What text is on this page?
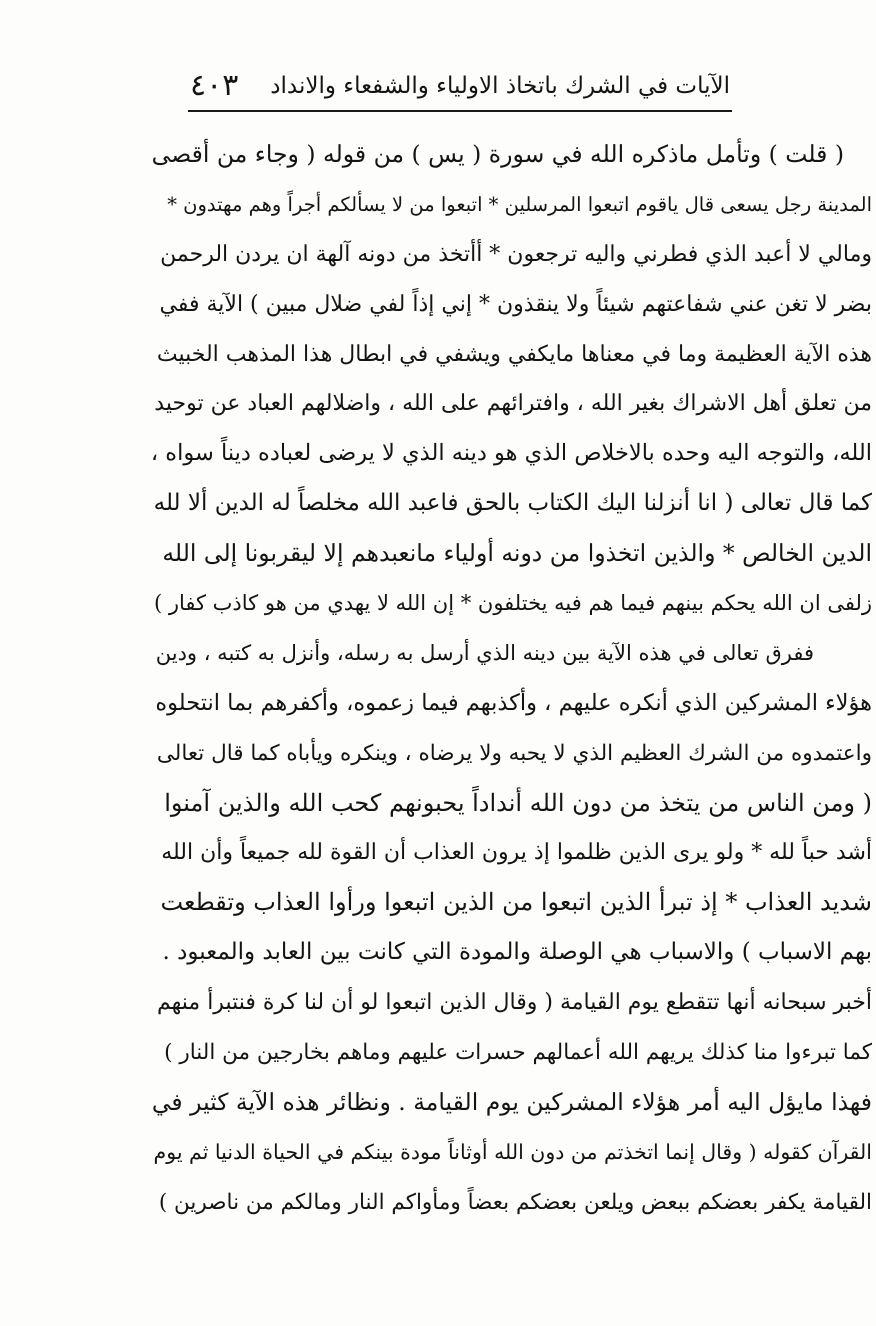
الآيات في الشرك باتخاذ الاولياء والشفعاء والانداد
٤٠٣
( قلت ) وتأمل ماذكره الله في سورة ( يس ) من قوله ( وجاء من أقصى
المدينة رجل يسعى قال ياقوم اتبعوا المرسلين * اتبعوا من لا يسألكم أجراً وهم مهتدون *
ومالي لا أعبد الذي فطرني واليه ترجعون * أأتخذ من دونه آلهة ان يردن الرحمن
بضر لا تغن عني شفاعتهم شيئاً ولا ينقذون * إني إذاً لفي ضلال مبين ) الآية ففي
هذه الآية العظيمة وما في معناها مايكفي ويشفي في ابطال هذا المذهب الخبيث
من تعلق أهل الاشراك بغير الله ، وافترائهم على الله ، واضلالهم العباد عن توحيد
الله، والتوجه اليه وحده بالاخلاص الذي هو دينه الذي لا يرضى لعباده ديناً سواه ،
كما قال تعالى ( انا أنزلنا اليك الكتاب بالحق فاعبد الله مخلصاً له الدين ألا لله
الدين الخالص * والذين اتخذوا من دونه أولياء مانعبدهم إلا ليقربونا إلى الله
زلفى ان الله يحكم بينهم فيما هم فيه يختلفون * إن الله لا يهدي من هو كاذب كفار )
ففرق تعالى في هذه الآية بين دينه الذي أرسل به رسله، وأنزل به كتبه ، ودين
هؤلاء المشركين الذي أنكره عليهم ، وأكذبهم فيما زعموه، وأكفرهم بما انتحلوه
واعتمدوه من الشرك العظيم الذي لا يحبه ولا يرضاه ، وينكره ويأباه كما قال تعالى
( ومن الناس من يتخذ من دون الله أنداداً يحبونهم كحب الله والذين آمنوا
أشد حباً لله * ولو يرى الذين ظلموا إذ يرون العذاب أن القوة لله جميعاً وأن الله
شديد العذاب * إذ تبرأ الذين اتبعوا من الذين اتبعوا ورأوا العذاب وتقطعت
بهم الاسباب ) والاسباب هي الوصلة والمودة التي كانت بين العابد والمعبود .
أخبر سبحانه أنها تتقطع يوم القيامة ( وقال الذين اتبعوا لو أن لنا كرة فنتبرأ منهم
كما تبرءوا منا كذلك يريهم الله أعمالهم حسرات عليهم وماهم بخارجين من النار )
فهذا مايؤل اليه أمر هؤلاء المشركين يوم القيامة . ونظائر هذه الآية كثير في
القرآن كقوله ( وقال إنما اتخذتم من دون الله أوثاناً مودة بينكم في الحياة الدنيا ثم يوم
القيامة يكفر بعضكم ببعض ويلعن بعضكم بعضاً ومأواكم النار ومالكم من ناصرين )
